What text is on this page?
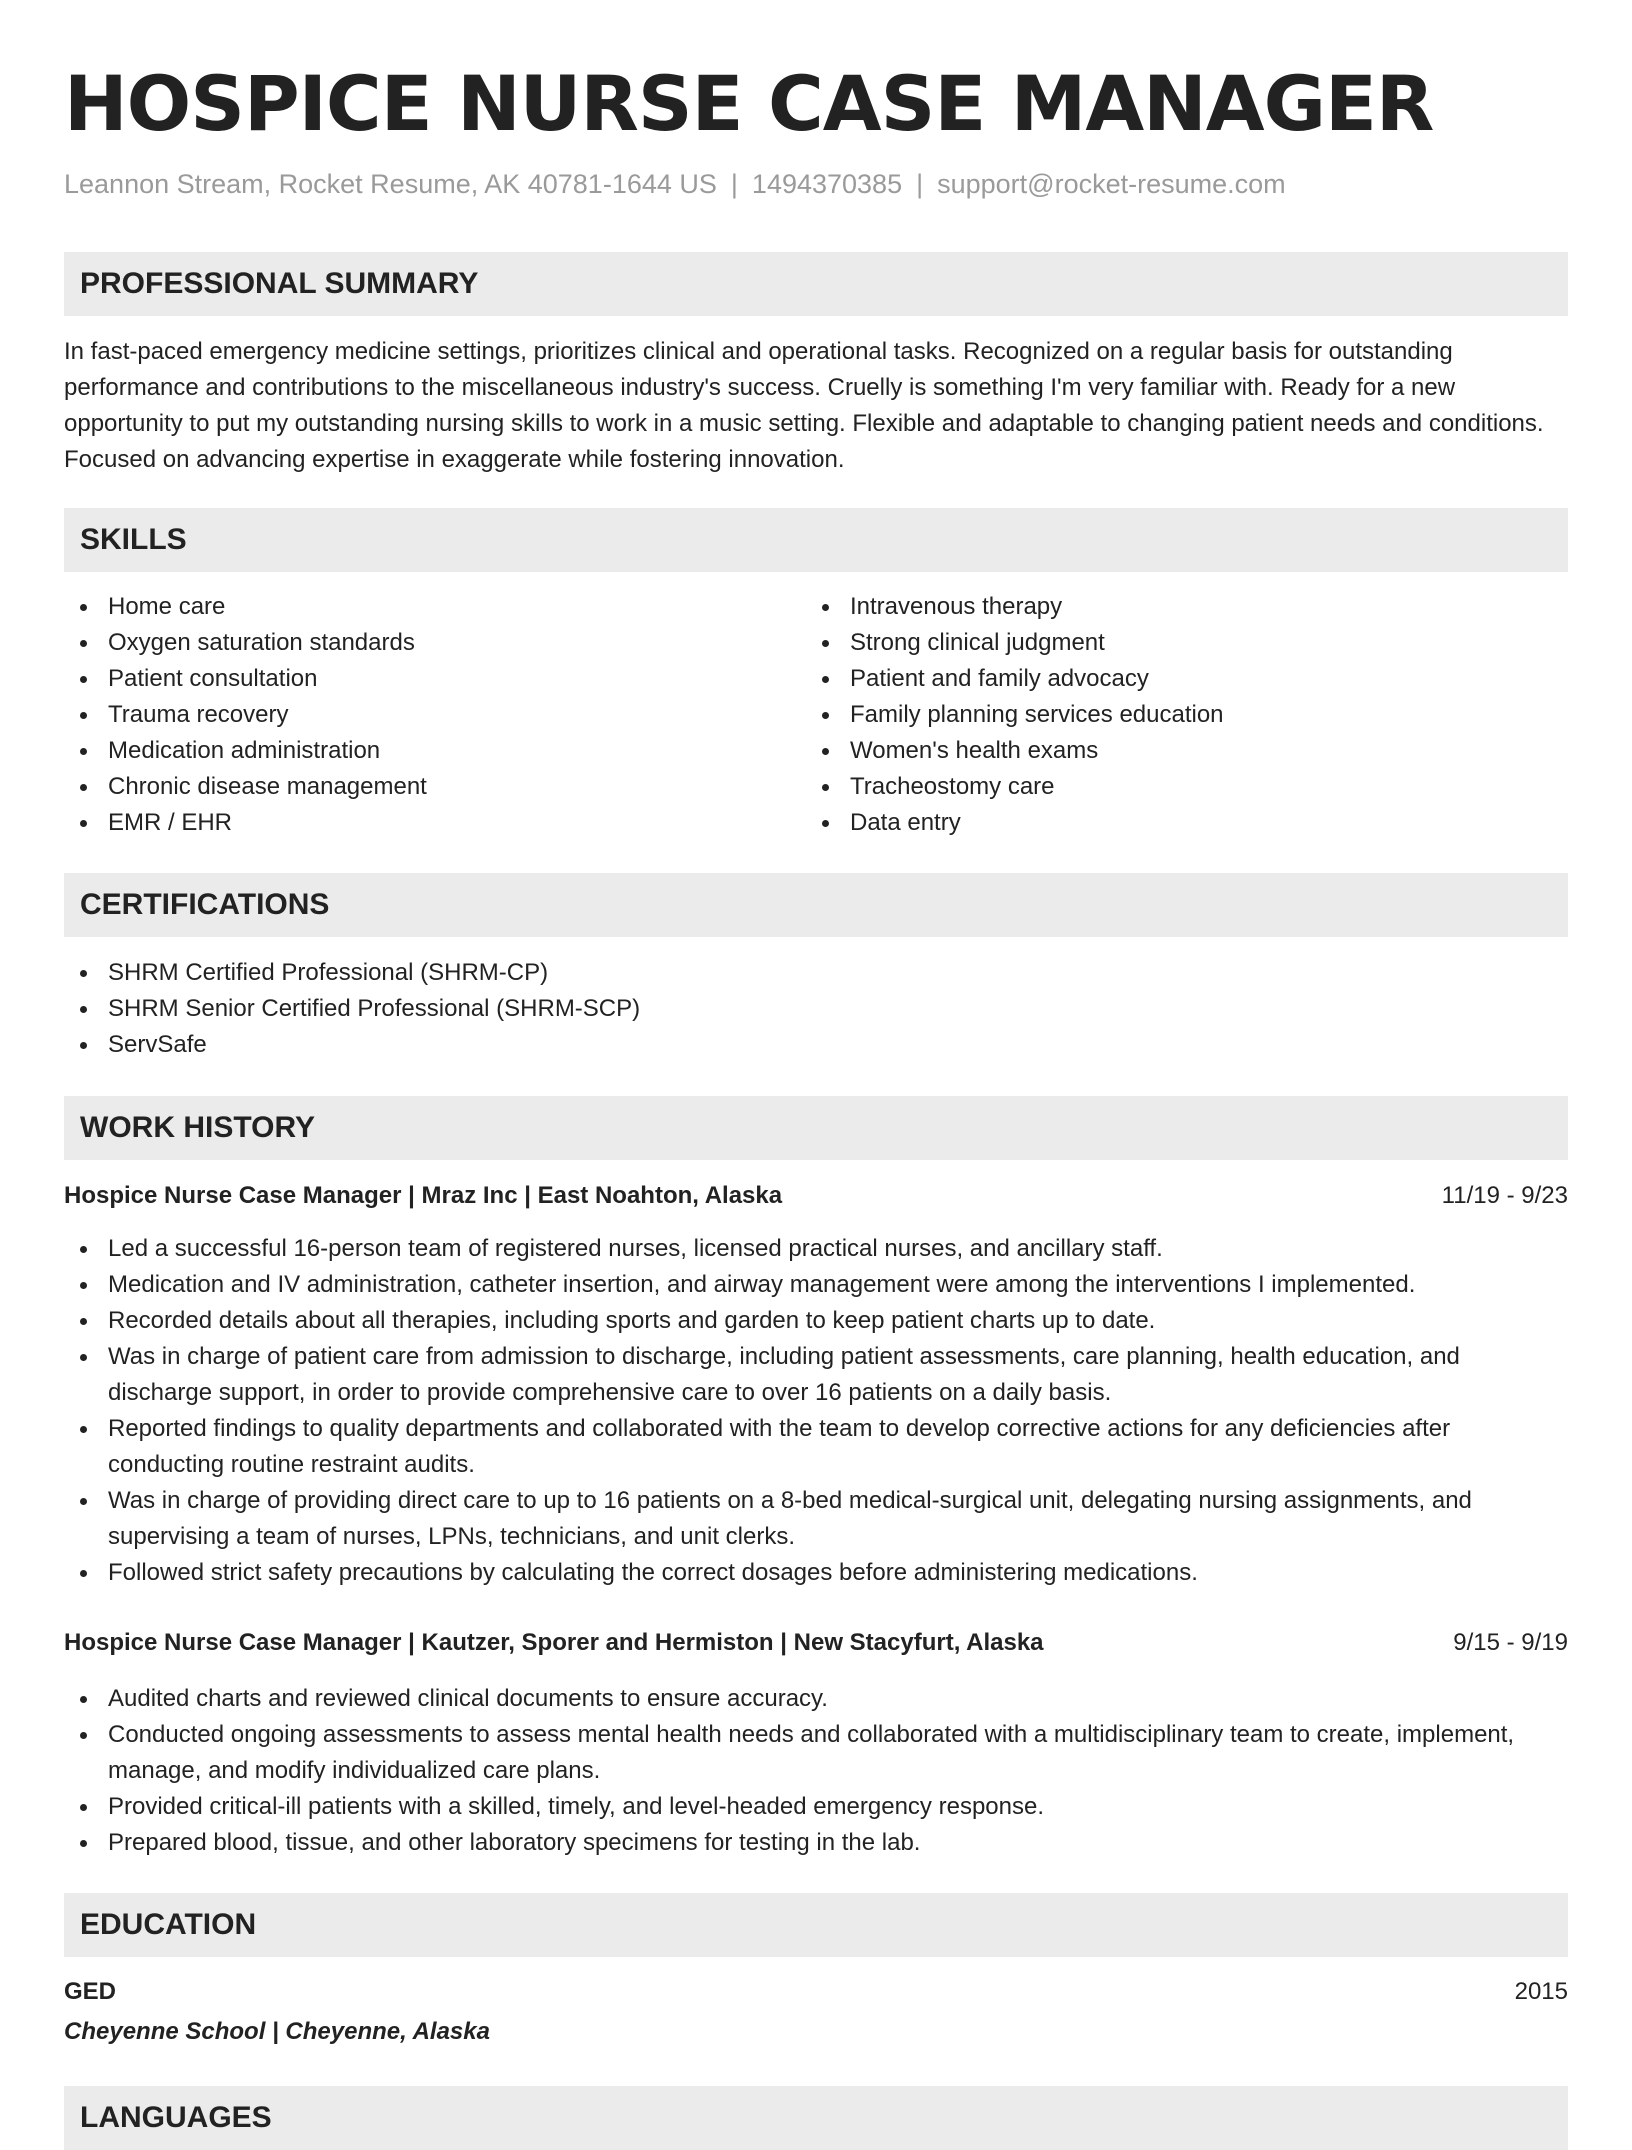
HOSPICE NURSE CASE MANAGER
Leannon Stream, Rocket Resume, AK 40781-1644 US | 1494370385 | support@rocket-resume.com
PROFESSIONAL SUMMARY
In fast-paced emergency medicine settings, prioritizes clinical and operational tasks. Recognized on a regular basis for outstanding performance and contributions to the miscellaneous industry's success. Cruelly is something I'm very familiar with. Ready for a new opportunity to put my outstanding nursing skills to work in a music setting. Flexible and adaptable to changing patient needs and conditions. Focused on advancing expertise in exaggerate while fostering innovation.
SKILLS
Home care
Oxygen saturation standards
Patient consultation
Trauma recovery
Medication administration
Chronic disease management
EMR / EHR
Intravenous therapy
Strong clinical judgment
Patient and family advocacy
Family planning services education
Women's health exams
Tracheostomy care
Data entry
CERTIFICATIONS
SHRM Certified Professional (SHRM-CP)
SHRM Senior Certified Professional (SHRM-SCP)
ServSafe
WORK HISTORY
Hospice Nurse Case Manager | Mraz Inc | East Noahton, Alaska	11/19 - 9/23
Led a successful 16-person team of registered nurses, licensed practical nurses, and ancillary staff.
Medication and IV administration, catheter insertion, and airway management were among the interventions I implemented.
Recorded details about all therapies, including sports and garden to keep patient charts up to date.
Was in charge of patient care from admission to discharge, including patient assessments, care planning, health education, and discharge support, in order to provide comprehensive care to over 16 patients on a daily basis.
Reported findings to quality departments and collaborated with the team to develop corrective actions for any deficiencies after conducting routine restraint audits.
Was in charge of providing direct care to up to 16 patients on a 8-bed medical-surgical unit, delegating nursing assignments, and supervising a team of nurses, LPNs, technicians, and unit clerks.
Followed strict safety precautions by calculating the correct dosages before administering medications.
Hospice Nurse Case Manager | Kautzer, Sporer and Hermiston | New Stacyfurt, Alaska	9/15 - 9/19
Audited charts and reviewed clinical documents to ensure accuracy.
Conducted ongoing assessments to assess mental health needs and collaborated with a multidisciplinary team to create, implement, manage, and modify individualized care plans.
Provided critical-ill patients with a skilled, timely, and level-headed emergency response.
Prepared blood, tissue, and other laboratory specimens for testing in the lab.
EDUCATION
GED	2015
Cheyenne School | Cheyenne, Alaska
LANGUAGES
